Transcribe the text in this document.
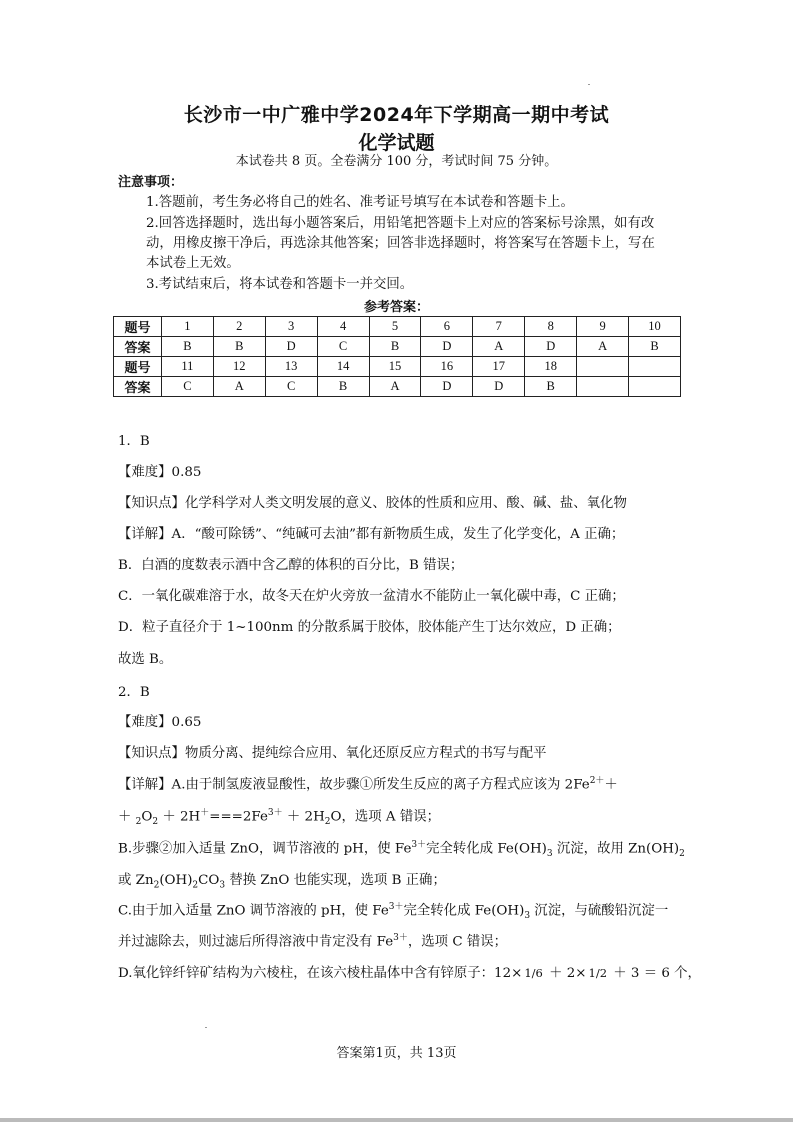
长沙市一中广雅中学2024年下学期高一期中考试
化学试题
本试卷共 8 页。全卷满分 100 分，考试时间 75 分钟。
注意事项：
1.答题前，考生务必将自己的姓名、准考证号填写在本试卷和答题卡上。
2.回答选择题时，选出每小题答案后，用铅笔把答题卡上对应的答案标号涂黑，如有改
动，用橡皮擦干净后，再选涂其他答案；回答非选择题时，将答案写在答题卡上，写在
本试卷上无效。
3.考试结束后，将本试卷和答题卡一并交回。
参考答案：
题号	1	2	3	4	5	6	7	8	9	10
答案	B	B	D	C	B	D	A	D	A	B
题号	11	12	13	14	15	16	17	18		
答案	C	A	C	B	A	D	D	B		
1．B
【难度】0.85
【知识点】化学科学对人类文明发展的意义、胶体的性质和应用、酸、碱、盐、氧化物
【详解】A．“酸可除锈”、“纯碱可去油”都有新物质生成，发生了化学变化，A 正确；
B．白酒的度数表示酒中含乙醇的体积的百分比，B 错误；
C．一氧化碳难溶于水，故冬天在炉火旁放一盆清水不能防止一氧化碳中毒，C 正确；
D．粒子直径介于 1~100nm 的分散系属于胶体，胶体能产生丁达尔效应，D 正确；
故选 B。
2．B
【难度】0.65
【知识点】物质分离、提纯综合应用、氧化还原反应方程式的书写与配平
【详解】A.由于制氢废液显酸性，故步骤①所发生反应的离子方程式应该为 $2Fe^{2+}+$
＋ $_2O_2 + 2H^+===2Fe^{3+} + 2H_2O$，选项 A 错误；
B.步骤②加入适量 ZnO，调节溶液的 pH，使 $Fe^{3+}$完全转化成 $Fe(OH)_3$ 沉淀，故用 $Zn(OH)_2$
或 $Zn_2(OH)_2CO_3$ 替换 ZnO 也能实现，选项 B 正确；
C.由于加入适量 ZnO 调节溶液的 pH，使 $Fe^{3+}$完全转化成 $Fe(OH)_3$ 沉淀，与硫酸铅沉淀一
并过滤除去，则过滤后所得溶液中肯定没有 $Fe^{3+}$，选项 C 错误；
D.氧化锌纤锌矿结构为六棱柱，在该六棱柱晶体中含有锌原子：12× 1/6 ＋ 2× 1/2 ＋ 3 ＝ 6 个，
答案第1页，共 13页
